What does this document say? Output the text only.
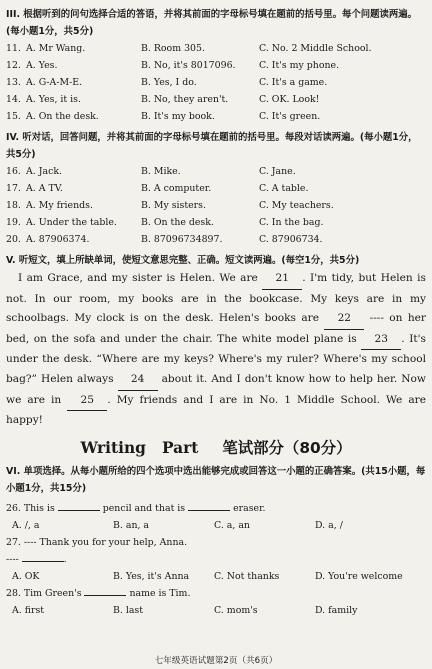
III. 根据听到的问句选择合适的答语，并将其前面的字母标号填在题前的括号里。每个问题读两遍。(每小题1分，共5分)
11. A. Mr Wang.	B. Room 305.	C. No. 2 Middle School.
12. A. Yes.	B. No, it's 8017096.	C. It's my phone.
13. A. G-A-M-E.	B. Yes, I do.	C. It's a game.
14. A. Yes, it is.	B. No, they aren't.	C. OK. Look!
15. A. On the desk.	B. It's my book.	C. It's green.
IV. 听对话，回答问题，并将其前面的字母标号填在题前的括号里。每段对话读两遍。(每小题1分，共5分)
16. A. Jack.	B. Mike.	C. Jane.
17. A. A TV.	B. A computer.	C. A table.
18. A. My friends.	B. My sisters.	C. My teachers.
19. A. Under the table.	B. On the desk.	C. In the bag.
20. A. 87906374.	B. 87096734897.	C. 87906734.
V. 听短文，填上所缺单词，使短文意思完整、正确。短文读两遍。(每空1分，共5分)
I am Grace, and my sister is Helen. We are 21 . I'm tidy, but Helen is not. In our room, my books are in the bookcase. My keys are in my schoolbags. My clock is on the desk. Helen's books are 22 ---- on her bed, on the sofa and under the chair. The white model plane is 23 . It's under the desk. “Where are my keys? Where's my ruler? Where's my school bag?” Helen always 24 about it. And I don't know how to help her. Now we are in 25 . My friends and I are in No. 1 Middle School. We are happy!
Writing   Part 笔试部分（80分）
VI. 单项选择。从每小题所给的四个选项中选出能够完成或回答这一小题的正确答案。(共15小题，每小题1分，共15分)
26. This is	pencil and that is	eraser.
A. /, a	B. an, a	C. a, an	D. a, /
27. ---- Thank you for your help, Anna.
----	.
A. OK	B. Yes, it's Anna	C. Not thanks	D. You're welcome
28. Tim Green's	name is Tim.
A. first	B. last	C. mom's	D. family
七年级英语试题第2页（共6页）
